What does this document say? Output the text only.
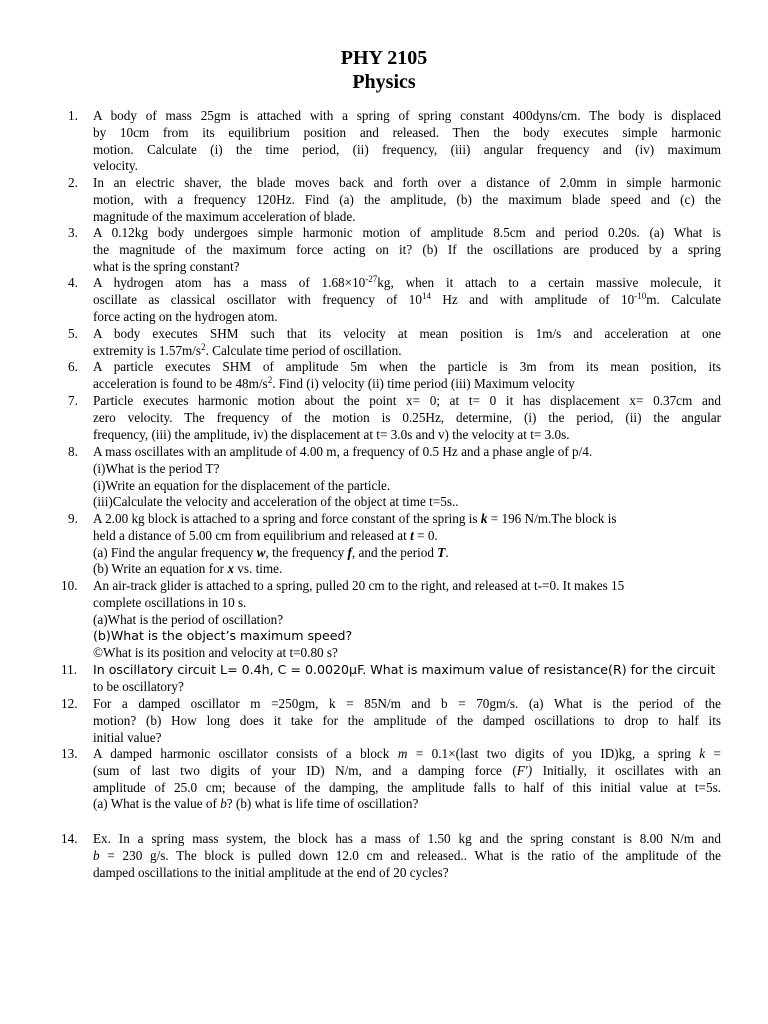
PHY 2105
Physics
1. A body of mass 25gm is attached with a spring of spring constant 400dyns/cm. The body is displaced
by 10cm from its equilibrium position and released. Then the body executes simple harmonic
motion. Calculate (i) the time period, (ii) frequency, (iii) angular frequency and (iv) maximum
velocity.
2. In an electric shaver, the blade moves back and forth over a distance of 2.0mm in simple harmonic
motion, with a frequency 120Hz. Find (a) the amplitude, (b) the maximum blade speed and (c) the
magnitude of the maximum acceleration of blade.
3. A 0.12kg body undergoes simple harmonic motion of amplitude 8.5cm and period 0.20s. (a) What is
the magnitude of the maximum force acting on it? (b) If the oscillations are produced by a spring
what is the spring constant?
4. A hydrogen atom has a mass of $1.68\times 10^{-27}kg$, when it attach to a certain massive molecule, it
oscillate as classical oscillator with frequency of $10^{14}$ Hz and with amplitude of $10^{-10}m$. Calculate
force acting on the hydrogen atom.
5. A body executes SHM such that its velocity at mean position is 1m/s and acceleration at one
extremity is $1.57m/s^2$. Calculate time period of oscillation.
6. A particle executes SHM of amplitude 5m when the particle is 3m from its mean position, its
acceleration is found to be $48m/s^2$. Find (i) velocity (ii) time period (iii) Maximum velocity
7. Particle executes harmonic motion about the point x= 0; at t= 0 it has displacement x= 0.37cm and
zero velocity. The frequency of the motion is 0.25Hz, determine, (i) the period, (ii) the angular
frequency, (iii) the amplitude, iv) the displacement at t= 3.0s and v) the velocity at t= 3.0s.
8. A mass oscillates with an amplitude of 4.00 m, a frequency of 0.5 Hz and a phase angle of p/4.
(i)What is the period T?
(i)Write an equation for the displacement of the particle.
(iii)Calculate the velocity and acceleration of the object at time t=5s..
9. A 2.00 kg block is attached to a spring and force constant of the spring is k = 196 N/m.The block is
held a distance of 5.00 cm from equilibrium and released at t = 0.
(a) Find the angular frequency w, the frequency f, and the period T.
(b) Write an equation for x vs. time.
10. An air-track glider is attached to a spring, pulled 20 cm to the right, and released at t-=0. It makes 15
complete oscillations in 10 s.
(a)What is the period of oscillation?
(b)What is the object’s maximum speed?
©What is its position and velocity at t=0.80 s?
11. In oscillatory circuit L= 0.4h, C = 0.0020μF. What is maximum value of resistance(R) for the circuit
to be oscillatory?
12. For a damped oscillator m =250gm, k = 85N/m and b = 70gm/s. (a) What is the period of the
motion? (b) How long does it take for the amplitude of the damped oscillations to drop to half its
initial value?
13. A damped harmonic oscillator consists of a block m = 0.1×(last two digits of you ID)kg, a spring k =
(sum of last two digits of your ID) N/m, and a damping force (F′) Initially, it oscillates with an
amplitude of 25.0 cm; because of the damping, the amplitude falls to half of this initial value at t=5s.
(a) What is the value of b? (b) what is life time of oscillation?
14. Ex. In a spring mass system, the block has a mass of 1.50 kg and the spring constant is 8.00 N/m and
b = 230 g/s. The block is pulled down 12.0 cm and released.. What is the ratio of the amplitude of the
damped oscillations to the initial amplitude at the end of 20 cycles?
